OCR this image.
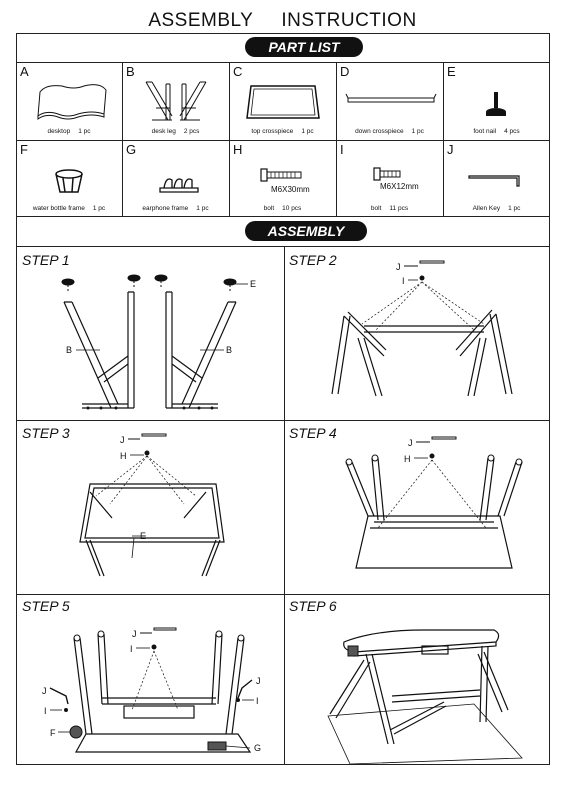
ASSEMBLY INSTRUCTION
PART LIST
A
desktop 1 pc
B
desk leg 2 pcs
C
top crosspiece 1 pc
D
down crosspiece 1 pc
E
foot nail 4 pcs
F
water bottle frame 1 pc
G
earphone frame 1 pc
H
M6X30mm
bolt 10 pcs
I
M6X12mm
bolt 11 pcs
J
Allen Key 1 pc
ASSEMBLY
STEP 1
E
B	B
STEP 2	J
I
STEP 3	J
H
E
STEP 4
J
H
STEP 5
J
I
J
I
F
J
I
G
STEP 6
